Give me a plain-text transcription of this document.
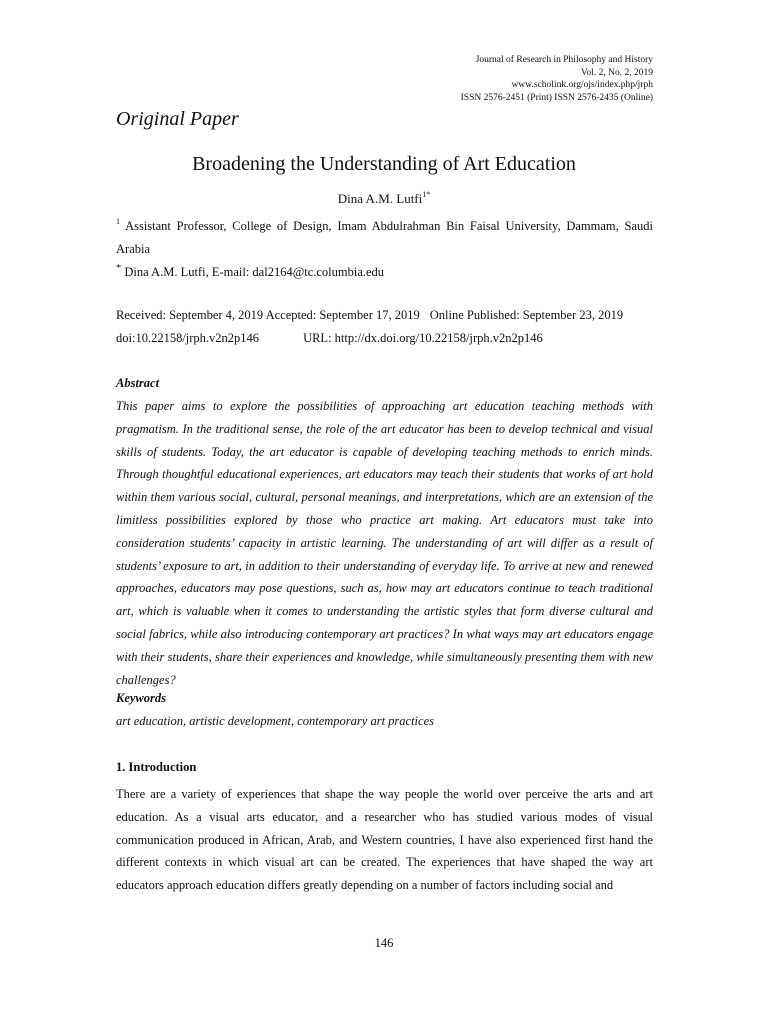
Journal of Research in Philosophy and History
Vol. 2, No. 2, 2019
www.scholink.org/ojs/index.php/jrph
ISSN 2576-2451 (Print) ISSN 2576-2435 (Online)
Original Paper
Broadening the Understanding of Art Education
Dina A.M. Lutfi$^{1*}$
$^1$ Assistant Professor, College of Design, Imam Abdulrahman Bin Faisal University, Dammam, Saudi Arabia
* Dina A.M. Lutfi, E-mail: dal2164@tc.columbia.edu
Received: September 4, 2019 Accepted: September 17, 2019 Online Published: September 23, 2019
doi:10.22158/jrph.v2n2p146	URL: http://dx.doi.org/10.22158/jrph.v2n2p146
Abstract
This paper aims to explore the possibilities of approaching art education teaching methods with pragmatism. In the traditional sense, the role of the art educator has been to develop technical and visual skills of students. Today, the art educator is capable of developing teaching methods to enrich minds. Through thoughtful educational experiences, art educators may teach their students that works of art hold within them various social, cultural, personal meanings, and interpretations, which are an extension of the limitless possibilities explored by those who practice art making. Art educators must take into consideration students’ capacity in artistic learning. The understanding of art will differ as a result of students’ exposure to art, in addition to their understanding of everyday life. To arrive at new and renewed approaches, educators may pose questions, such as, how may art educators continue to teach traditional art, which is valuable when it comes to understanding the artistic styles that form diverse cultural and social fabrics, while also introducing contemporary art practices? In what ways may art educators engage with their students, share their experiences and knowledge, while simultaneously presenting them with new challenges?
Keywords
art education, artistic development, contemporary art practices
1. Introduction
There are a variety of experiences that shape the way people the world over perceive the arts and art education. As a visual arts educator, and a researcher who has studied various modes of visual communication produced in African, Arab, and Western countries, I have also experienced first hand the different contexts in which visual art can be created. The experiences that have shaped the way art educators approach education differs greatly depending on a number of factors including social and
146
